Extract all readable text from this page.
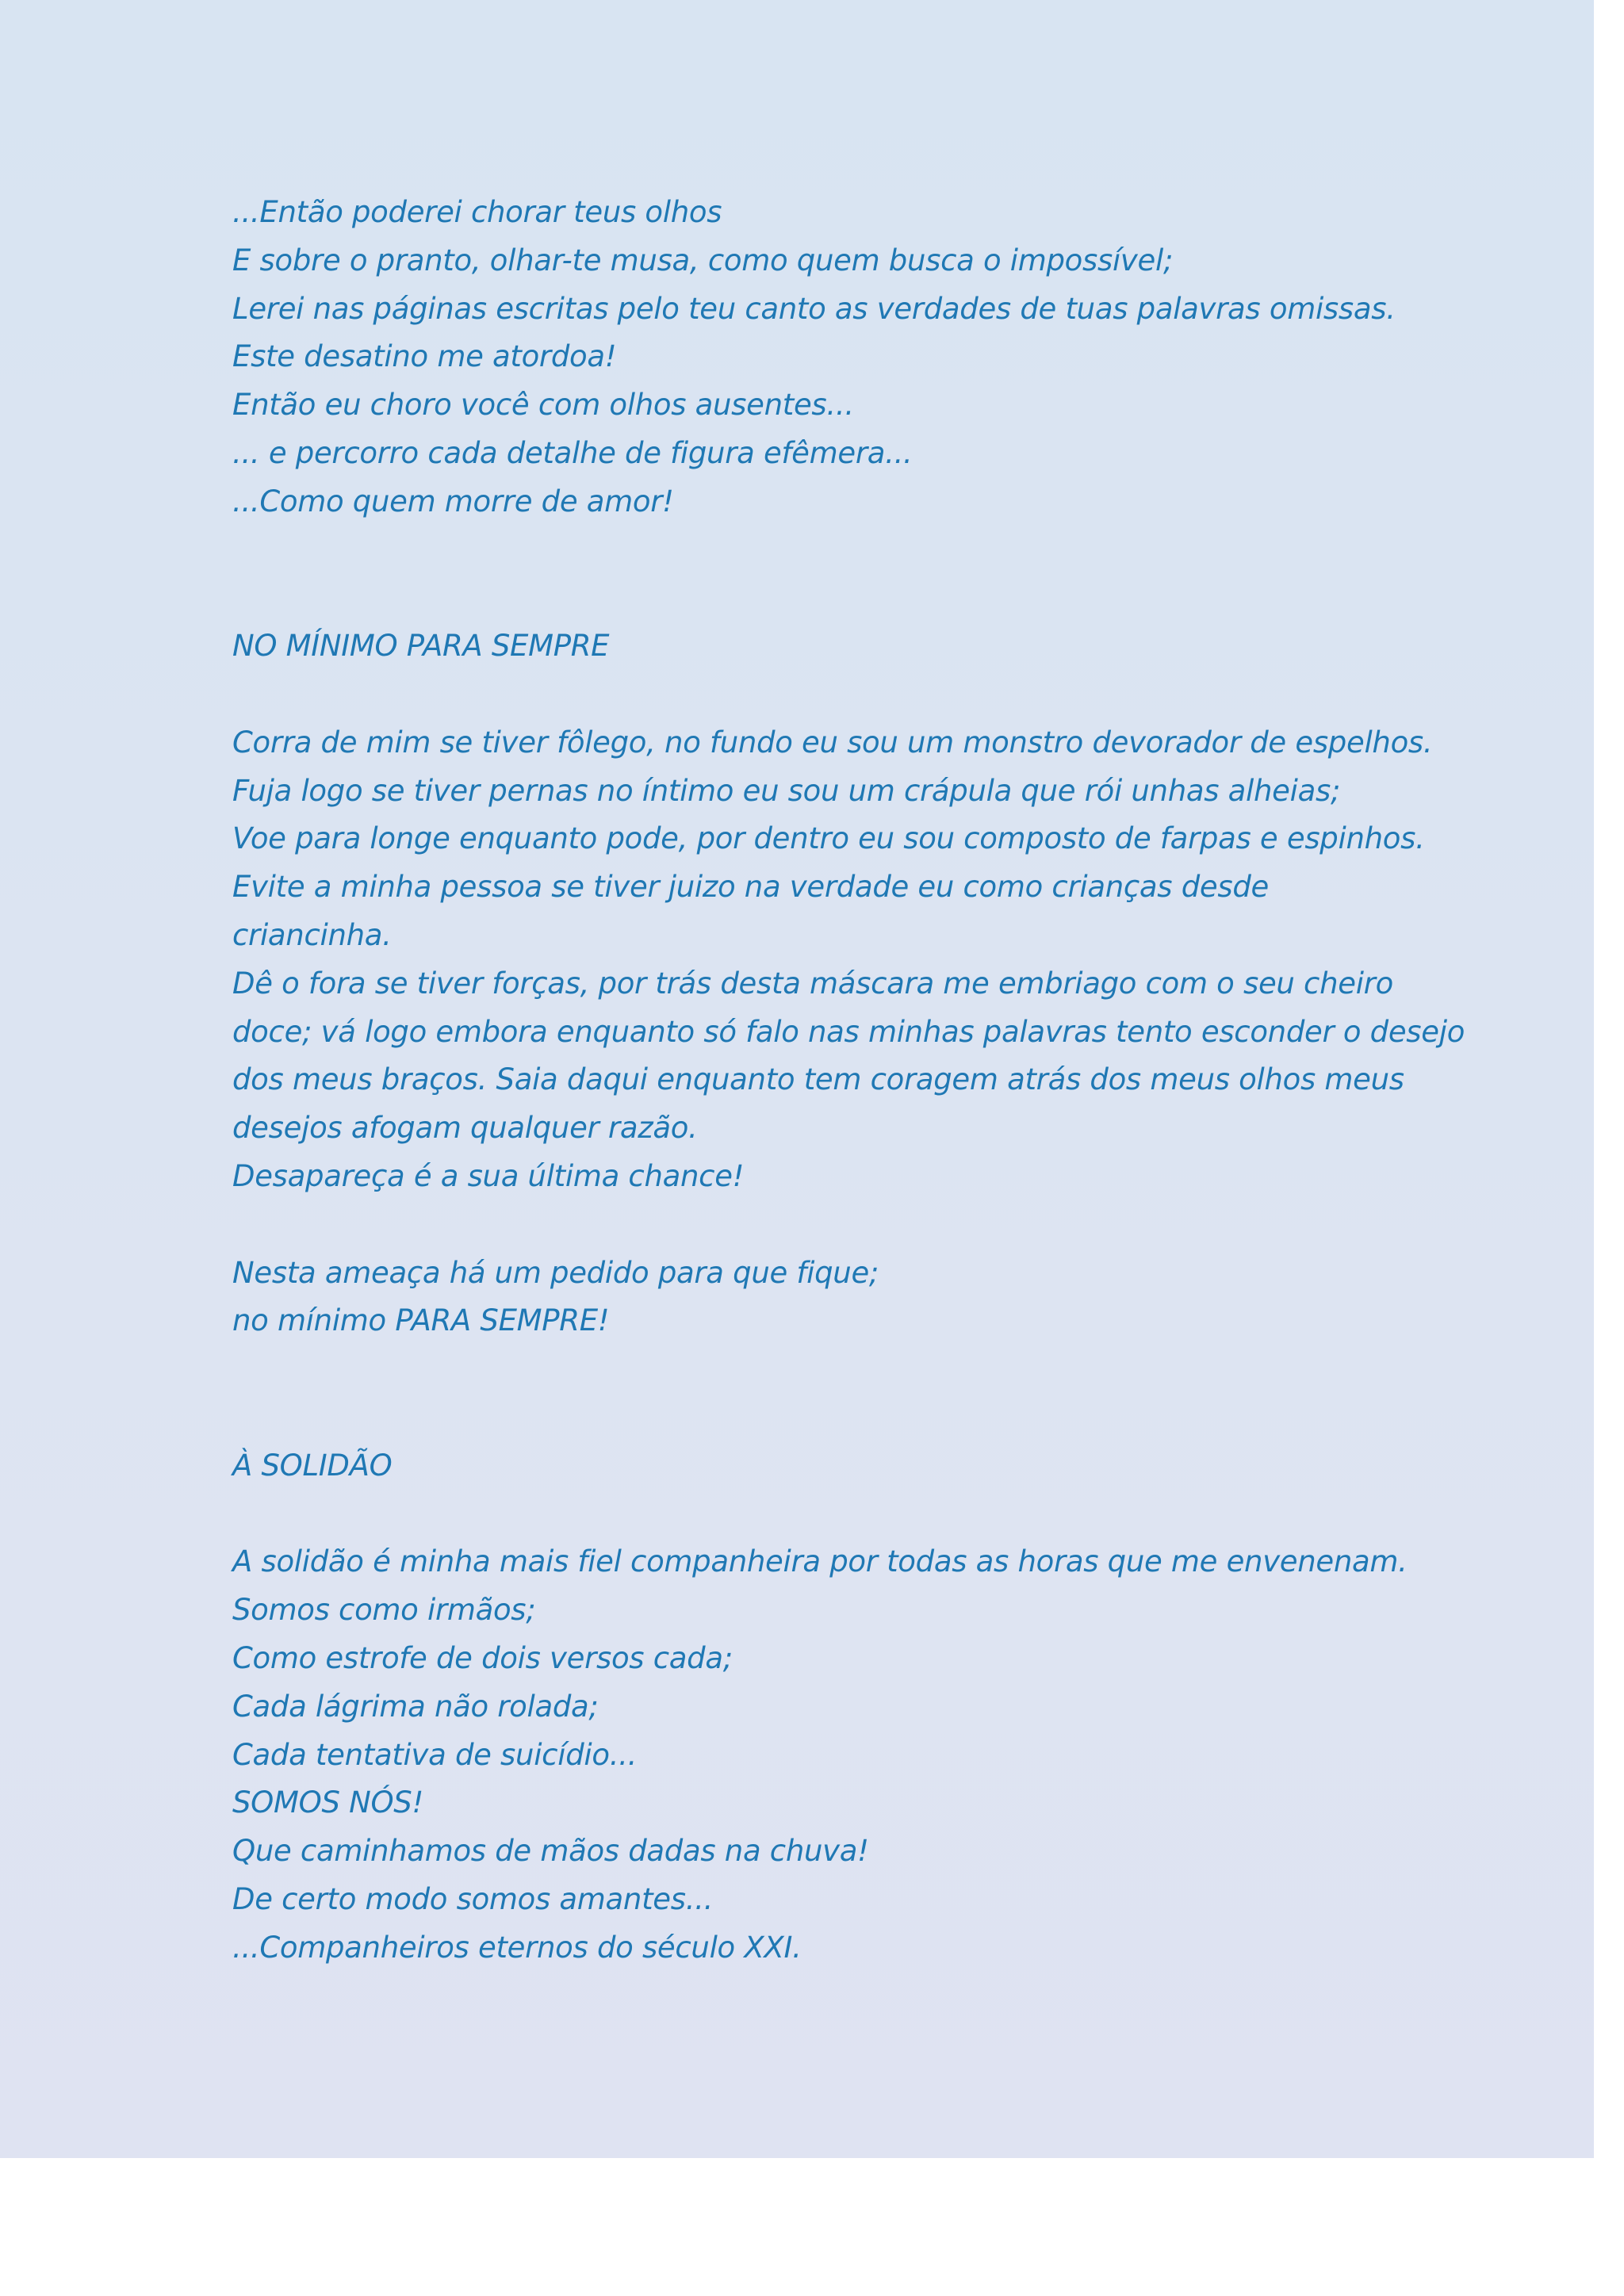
...Então poderei chorar teus olhos
E sobre o pranto, olhar-te musa, como quem busca o impossível;
Lerei nas páginas escritas pelo teu canto as verdades de tuas palavras omissas.
Este desatino me atordoa!
Então eu choro você com olhos ausentes...
... e percorro cada detalhe de figura efêmera...
...Como quem morre de amor!
NO MÍNIMO PARA SEMPRE
Corra de mim se tiver fôlego, no fundo eu sou um monstro devorador de espelhos.
Fuja logo se tiver pernas no íntimo eu sou um crápula que rói unhas alheias;
Voe para longe enquanto pode, por dentro eu sou composto de farpas e espinhos.
Evite a minha pessoa se tiver juizo na verdade eu como crianças desde
criancinha.
Dê o fora se tiver forças, por trás desta máscara me embriago com o seu cheiro
doce; vá logo embora enquanto só falo nas minhas palavras tento esconder o desejo
dos meus braços. Saia daqui enquanto tem coragem atrás dos meus olhos meus
desejos afogam qualquer razão.
Desapareça é a sua última chance!
Nesta ameaça há um pedido para que fique;
no mínimo PARA SEMPRE!
À SOLIDÃO
A solidão é minha mais fiel companheira por todas as horas que me envenenam.
Somos como irmãos;
Como estrofe de dois versos cada;
Cada lágrima não rolada;
Cada tentativa de suicídio...
SOMOS NÓS!
Que caminhamos de mãos dadas na chuva!
De certo modo somos amantes...
...Companheiros eternos do século XXI.
